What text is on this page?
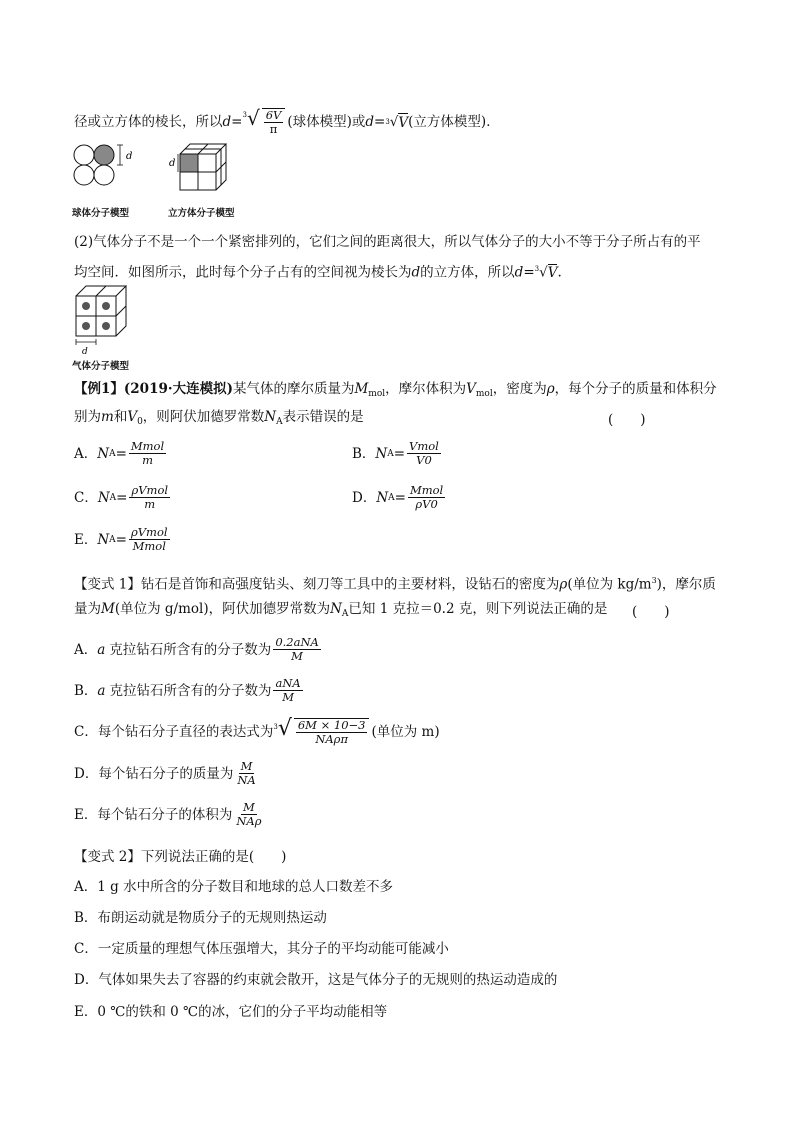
径或立方体的棱长，所以 d = 3 √ $\frac{6V}{\pi}$ (球体模型)或 d = 3 √ V (立方体模型)．
d
球体分子模型
d
立方体分子模型
(2)气体分子不是一个一个紧密排列的，它们之间的距离很大，所以气体分子的大小不等于分子所占有的平
均空间．如图所示，此时每个分子占有的空间视为棱长为d的立方体，所以d=$^3$√V.
d
气体分子模型
【例1】(2019·大连模拟)某气体的摩尔质量为$M_{mol}$，摩尔体积为$V_{mol}$，密度为ρ，每个分子的质量和体积分
别为m和$V_0$，则阿伏加德罗常数$N_A$表示错误的是	(　　)
A． N $A = \frac{\text{Mmol}}{m}$	B． N $A = \frac{\text{Vmol}}{V0}$
C． N $A = \frac{\text{ρVmol}}{m}$	D． N $A = \frac{\text{Mmol}}{\rho V0}$
E． N $A = \frac{\text{ρVmol}}{\text{Mmol}}$
【变式 1】钻石是首饰和高强度钻头、刻刀等工具中的主要材料，设钻石的密度为ρ(单位为 $kg/m^3$)，摩尔质
量为M(单位为 g/mol)，阿伏加德罗常数为$N_A$已知 1 克拉＝0.2 克，则下列说法正确的是 (　　)
A． a 克拉钻石所含有的分子数为 $\frac{\text{0.2aNA}}{M}$
B． a 克拉钻石所含有的分子数为 $\frac{\text{aNA}}{M}$
C． 每个钻石分子直径的表达式为 3 √ $\frac{6M \times 10-3}{\text{NAρπ}}$ (单位为 m)
D． 每个钻石分子的质量为 $\frac{M}{NA}$
E． 每个钻石分子的体积为 $\frac{M}{\text{NAρ}}$
【变式 2】下列说法正确的是(　　)
A．1 g 水中所含的分子数目和地球的总人口数差不多
B．布朗运动就是物质分子的无规则热运动
C．一定质量的理想气体压强增大，其分子的平均动能可能减小
D．气体如果失去了容器的约束就会散开，这是气体分子的无规则的热运动造成的
E．0 ℃的铁和 0 ℃的冰，它们的分子平均动能相等
